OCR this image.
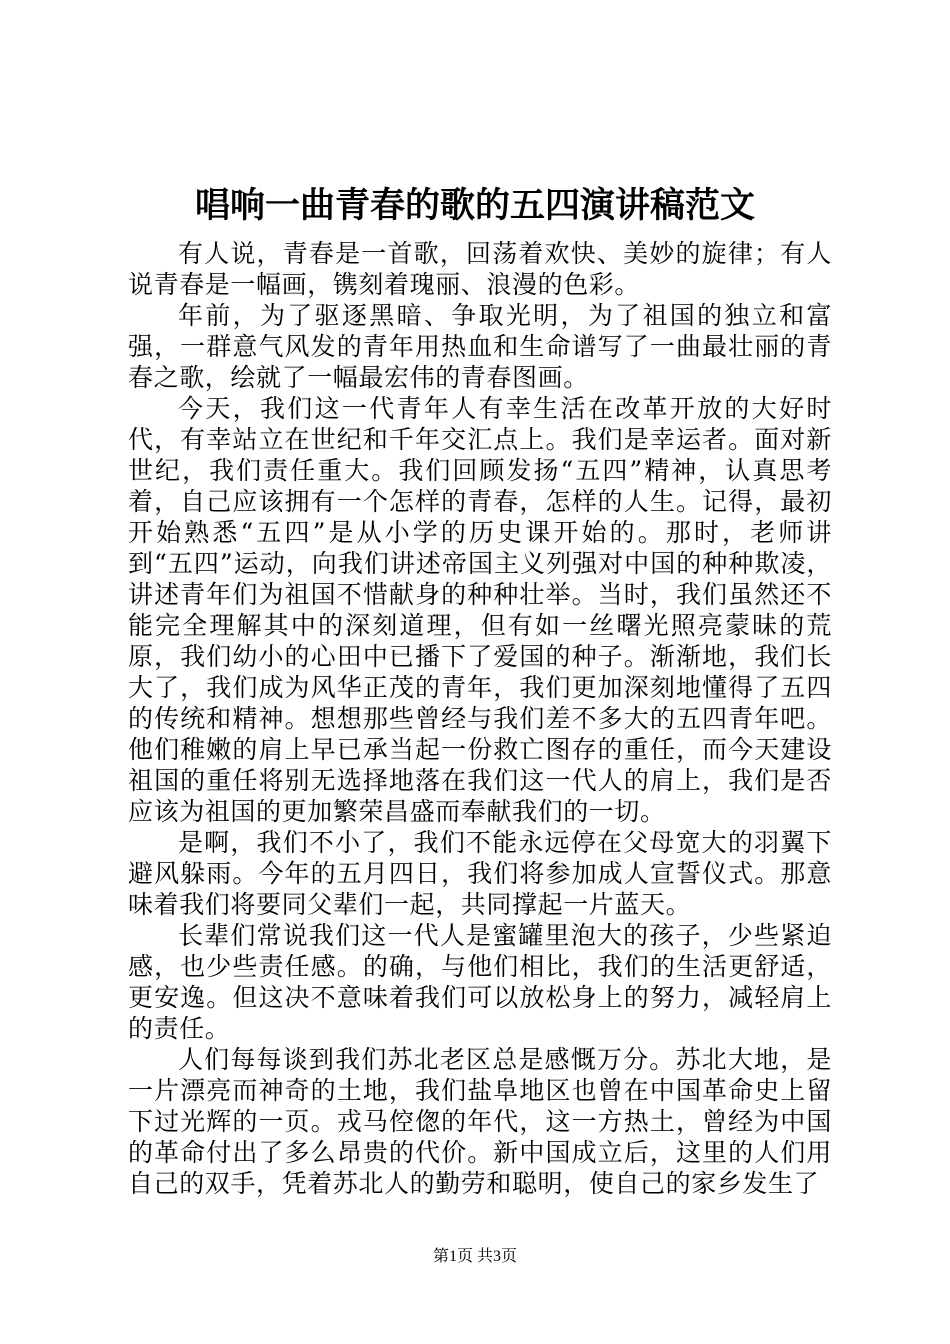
唱响一曲青春的歌的五四演讲稿范文

有人说，青春是一首歌，回荡着欢快、美妙的旋律；有人说青春是一幅画，镌刻着瑰丽、浪漫的色彩。

年前，为了驱逐黑暗、争取光明，为了祖国的独立和富强，一群意气风发的青年用热血和生命谱写了一曲最壮丽的青春之歌，绘就了一幅最宏伟的青春图画。

今天，我们这一代青年人有幸生活在改革开放的大好时代，有幸站立在世纪和千年交汇点上。我们是幸运者。面对新世纪，我们责任重大。我们回顾发扬“五四”精神，认真思考着，自己应该拥有一个怎样的青春，怎样的人生。记得，最初开始熟悉“五四”是从小学的历史课开始的。那时，老师讲到“五四”运动，向我们讲述帝国主义列强对中国的种种欺凌，讲述青年们为祖国不惜献身的种种壮举。当时，我们虽然还不能完全理解其中的深刻道理，但有如一丝曙光照亮蒙昧的荒原，我们幼小的心田中已播下了爱国的种子。渐渐地，我们长大了，我们成为风华正茂的青年，我们更加深刻地懂得了五四的传统和精神。想想那些曾经与我们差不多大的五四青年吧。他们稚嫩的肩上早已承当起一份救亡图存的重任，而今天建设祖国的重任将别无选择地落在我们这一代人的肩上，我们是否应该为祖国的更加繁荣昌盛而奉献我们的一切。

是啊，我们不小了，我们不能永远停在父母宽大的羽翼下避风躲雨。今年的五月四日，我们将参加成人宣誓仪式。那意味着我们将要同父辈们一起，共同撑起一片蓝天。

长辈们常说我们这一代人是蜜罐里泡大的孩子，少些紧迫感，也少些责任感。的确，与他们相比，我们的生活更舒适，更安逸。但这决不意味着我们可以放松身上的努力，减轻肩上的责任。

人们每每谈到我们苏北老区总是感慨万分。苏北大地，是一片漂亮而神奇的土地，我们盐阜地区也曾在中国革命史上留下过光辉的一页。戎马倥偬的年代，这一方热土，曾经为中国的革命付出了多么昂贵的代价。新中国成立后，这里的人们用自己的双手，凭着苏北人的勤劳和聪明，使自己的家乡发生了

第1页 共3页
